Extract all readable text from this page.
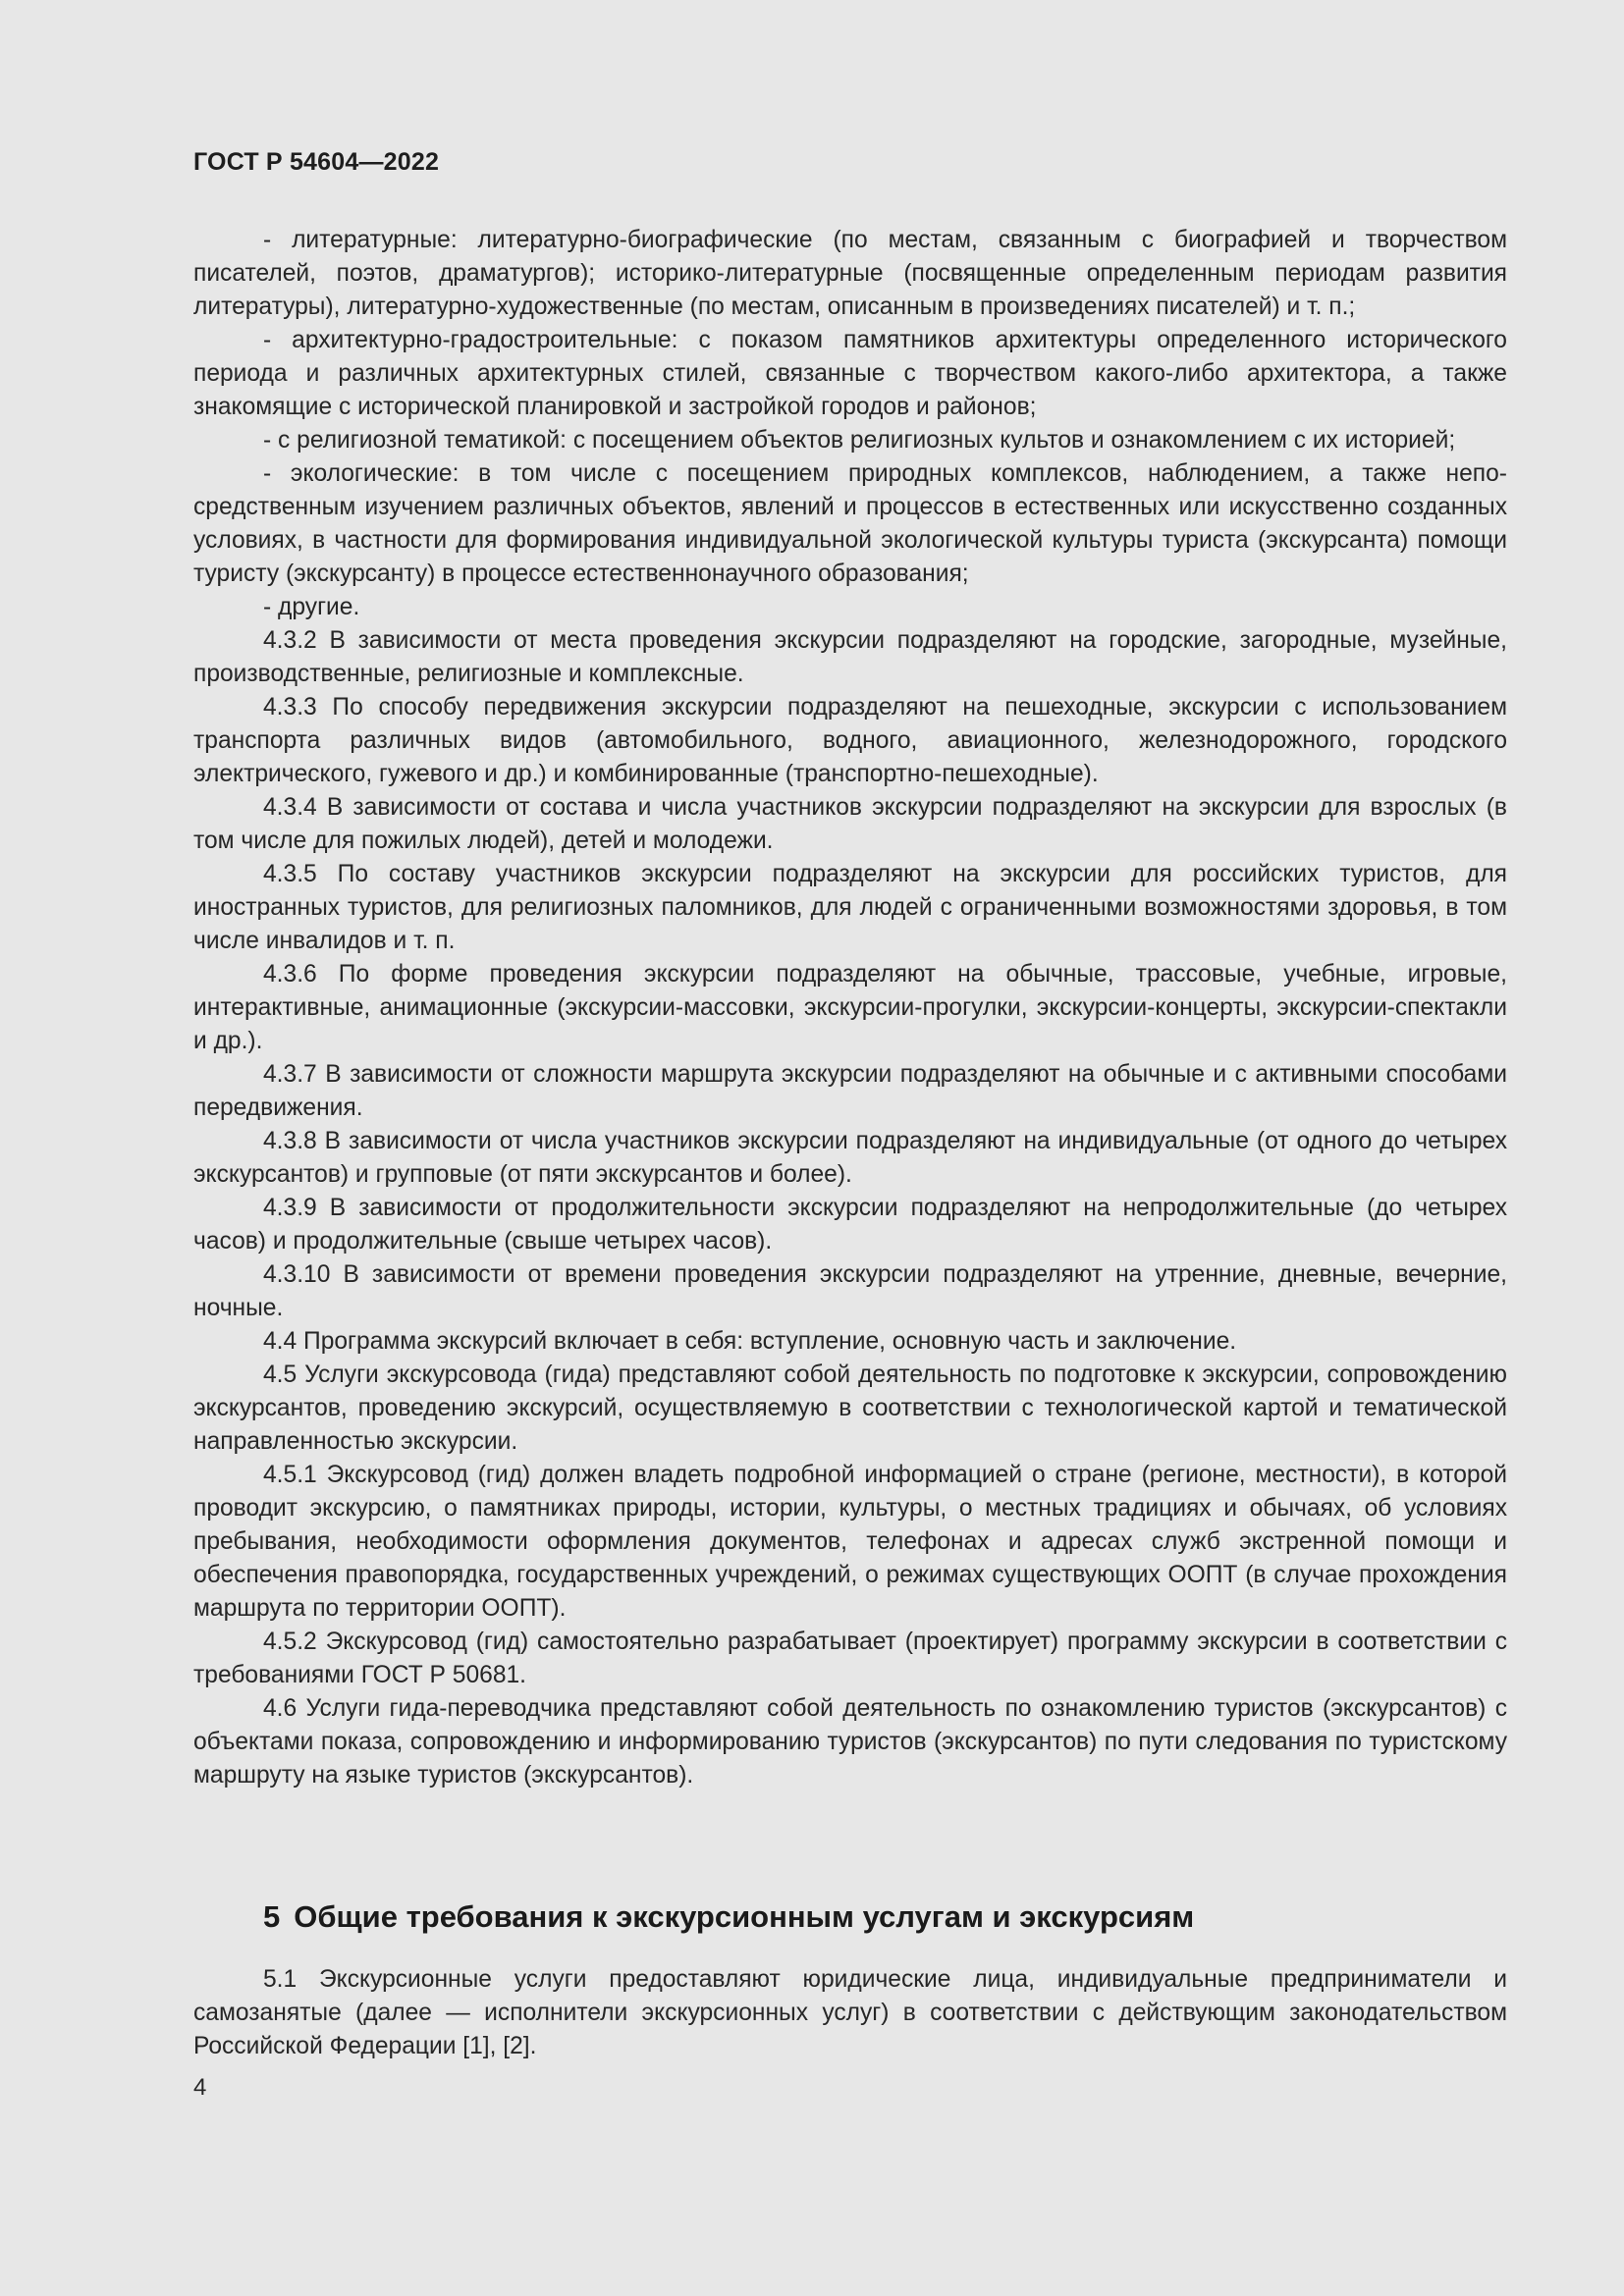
ГОСТ Р 54604—2022

- литературные: литературно-биографические (по местам, связанным с биографией и творчеством писателей, поэтов, драматургов); историко-литературные (посвященные определенным периодам развития литературы), литературно-художественные (по местам, описанным в произведениях писателей) и т. п.;

- архитектурно-градостроительные: с показом памятников архитектуры определенного исторического периода и различных архитектурных стилей, связанные с творчеством какого-либо архитектора, а также знакомящие с исторической планировкой и застройкой городов и районов;

- с религиозной тематикой: с посещением объектов религиозных культов и ознакомлением с их историей;

- экологические: в том числе с посещением природных комплексов, наблюдением, а также непосредственным изучением различных объектов, явлений и процессов в естественных или искусственно созданных условиях, в частности для формирования индивидуальной экологической культуры туриста (экскурсанта) помощи туристу (экскурсанту) в процессе естественнонаучного образования;

- другие.

4.3.2 В зависимости от места проведения экскурсии подразделяют на городские, загородные, музейные, производственные, религиозные и комплексные.

4.3.3 По способу передвижения экскурсии подразделяют на пешеходные, экскурсии с использованием транспорта различных видов (автомобильного, водного, авиационного, железнодорожного, городского электрического, гужевого и др.) и комбинированные (транспортно-пешеходные).

4.3.4 В зависимости от состава и числа участников экскурсии подразделяют на экскурсии для взрослых (в том числе для пожилых людей), детей и молодежи.

4.3.5 По составу участников экскурсии подразделяют на экскурсии для российских туристов, для иностранных туристов, для религиозных паломников, для людей с ограниченными возможностями здоровья, в том числе инвалидов и т. п.

4.3.6 По форме проведения экскурсии подразделяют на обычные, трассовые, учебные, игровые, интерактивные, анимационные (экскурсии-массовки, экскурсии-прогулки, экскурсии-концерты, экскурсии-спектакли и др.).

4.3.7 В зависимости от сложности маршрута экскурсии подразделяют на обычные и с активными способами передвижения.

4.3.8 В зависимости от числа участников экскурсии подразделяют на индивидуальные (от одного до четырех экскурсантов) и групповые (от пяти экскурсантов и более).

4.3.9 В зависимости от продолжительности экскурсии подразделяют на непродолжительные (до четырех часов) и продолжительные (свыше четырех часов).

4.3.10 В зависимости от времени проведения экскурсии подразделяют на утренние, дневные, вечерние, ночные.

4.4 Программа экскурсий включает в себя: вступление, основную часть и заключение.

4.5 Услуги экскурсовода (гида) представляют собой деятельность по подготовке к экскурсии, сопровождению экскурсантов, проведению экскурсий, осуществляемую в соответствии с технологической картой и тематической направленностью экскурсии.

4.5.1 Экскурсовод (гид) должен владеть подробной информацией о стране (регионе, местности), в которой проводит экскурсию, о памятниках природы, истории, культуры, о местных традициях и обычаях, об условиях пребывания, необходимости оформления документов, телефонах и адресах служб экстренной помощи и обеспечения правопорядка, государственных учреждений, о режимах существующих ООПТ (в случае прохождения маршрута по территории ООПТ).

4.5.2 Экскурсовод (гид) самостоятельно разрабатывает (проектирует) программу экскурсии в соответствии с требованиями ГОСТ Р 50681.

4.6 Услуги гида-переводчика представляют собой деятельность по ознакомлению туристов (экскурсантов) с объектами показа, сопровождению и информированию туристов (экскурсантов) по пути следования по туристскому маршруту на языке туристов (экскурсантов).

5 Общие требования к экскурсионным услугам и экскурсиям

5.1 Экскурсионные услуги предоставляют юридические лица, индивидуальные предприниматели и самозанятые (далее — исполнители экскурсионных услуг) в соответствии с действующим законодательством Российской Федерации [1], [2].

4
